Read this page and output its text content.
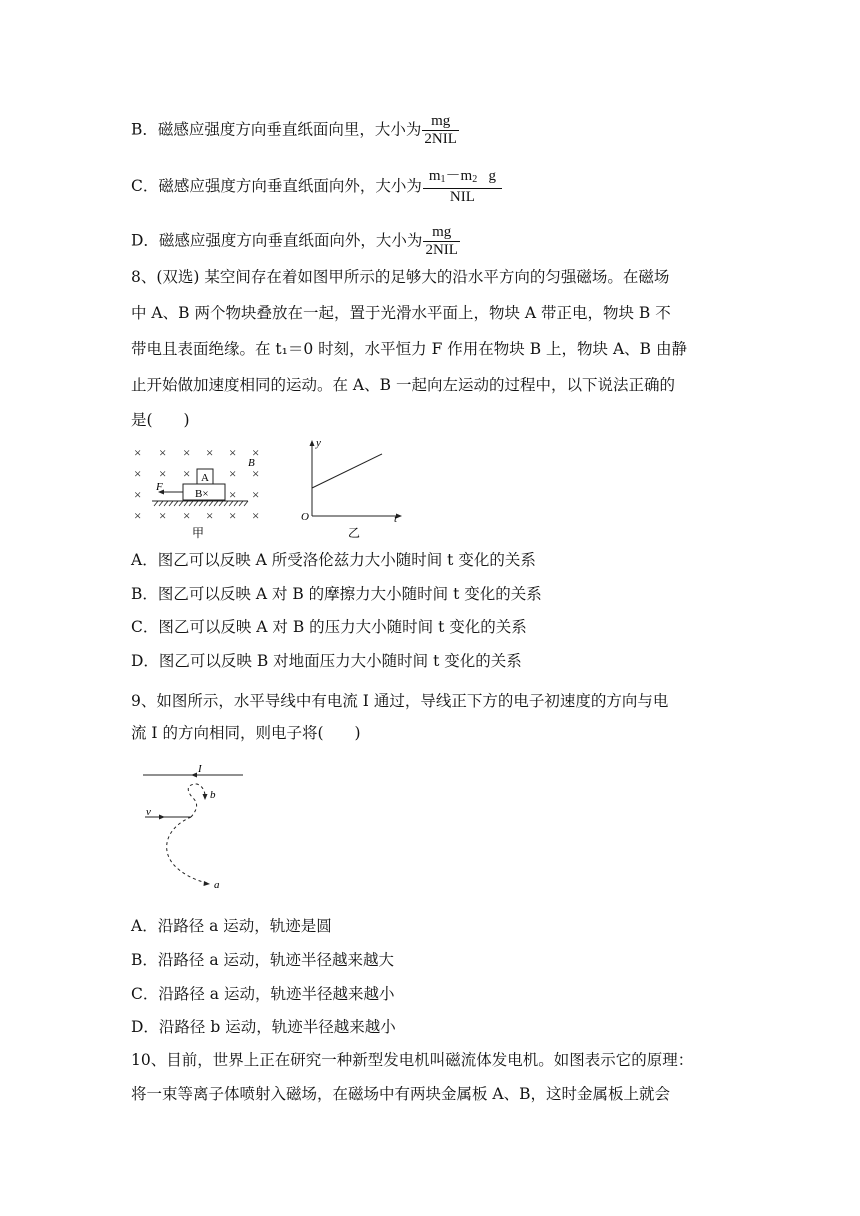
B．磁感应强度方向垂直纸面向里，大小为 $\frac{mg}{\text{2NIL}}$
C．磁感应强度方向垂直纸面向外，大小为 $\frac{m_1-m_2 g}{\text{NIL}}$
D．磁感应强度方向垂直纸面向外，大小为 $\frac{mg}{\text{2NIL}}$
8、(双选) 某空间存在着如图甲所示的足够大的沿水平方向的匀强磁场。在磁场
中 A、B 两个物块叠放在一起，置于光滑水平面上，物块 A 带正电，物块 B 不
带电且表面绝缘。在 t₁＝0 时刻，水平恒力 F 作用在物块 B 上，物块 A、B 由静
止开始做加速度相同的运动。在 A、B 一起向左运动的过程中，以下说法正确的
是(　　)
× × × × × ×
× × ×	× ×
×	× ×
× × × × × ×
B
A
B×
F
甲
y
O	t
乙
A．图乙可以反映 A 所受洛伦兹力大小随时间 t 变化的关系
B．图乙可以反映 A 对 B 的摩擦力大小随时间 t 变化的关系
C．图乙可以反映 A 对 B 的压力大小随时间 t 变化的关系
D．图乙可以反映 B 对地面压力大小随时间 t 变化的关系
9、如图所示，水平导线中有电流 I 通过，导线正下方的电子初速度的方向与电
流 I 的方向相同，则电子将(　　)
I
v
b
a
A．沿路径 a 运动，轨迹是圆
B．沿路径 a 运动，轨迹半径越来越大
C．沿路径 a 运动，轨迹半径越来越小
D．沿路径 b 运动，轨迹半径越来越小
10、目前，世界上正在研究一种新型发电机叫磁流体发电机。如图表示它的原理：
将一束等离子体喷射入磁场，在磁场中有两块金属板 A、B，这时金属板上就会
